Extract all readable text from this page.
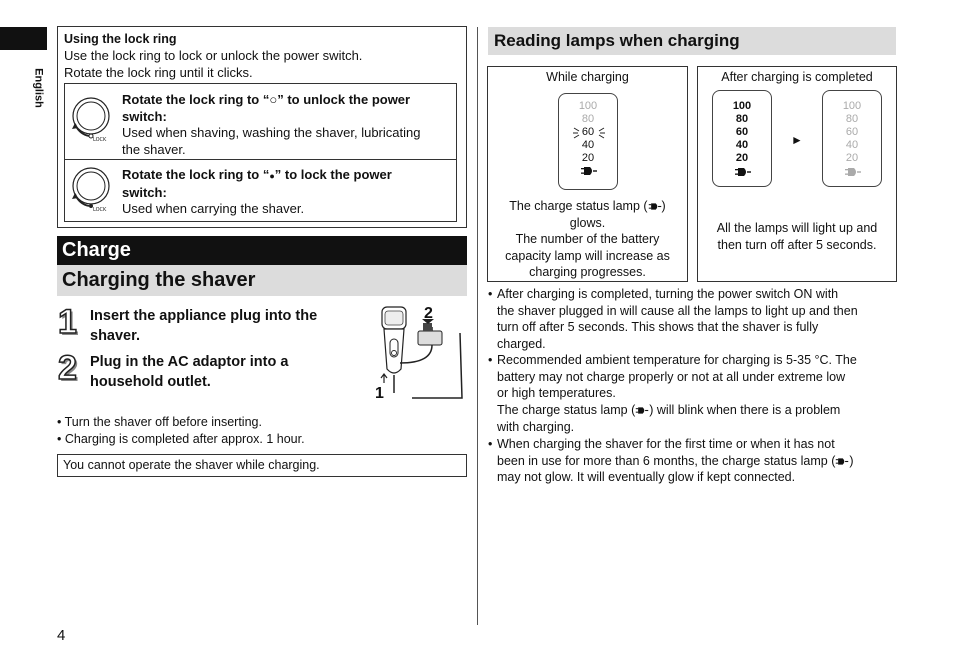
English
4
Using the lock ring
Use the lock ring to lock or unlock the power switch.
Rotate the lock ring until it clicks.
LOCK
Rotate the lock ring to “○” to unlock the power
switch:
Used when shaving, washing the shaver, lubricating
the shaver.
LOCK
Rotate the lock ring to “●” to lock the power
switch:
Used when carrying the shaver.
Charge
Charging the shaver
1 Insert the appliance plug into the
shaver.
2 Plug in the AC adaptor into a
household outlet.
2
1
• Turn the shaver off before inserting.
• Charging is completed after approx. 1 hour.
You cannot operate the shaver while charging.
Reading lamps when charging
While charging
100
80
60
40
20
The charge status lamp ( )
glows.
The number of the battery
capacity lamp will increase as
charging progresses.
After charging is completed
100
80
60
40
20
►
100
80
60
40
20
All the lamps will light up and
then turn off after 5 seconds.
• After charging is completed, turning the power switch ON with
the shaver plugged in will cause all the lamps to light up and then
turn off after 5 seconds. This shows that the shaver is fully
charged.
• Recommended ambient temperature for charging is 5-35 °C. The
battery may not charge properly or not at all under extreme low
or high temperatures.
The charge status lamp ( ) will blink when there is a problem
with charging.
• When charging the shaver for the first time or when it has not
been in use for more than 6 months, the charge status lamp ( )
may not glow. It will eventually glow if kept connected.
